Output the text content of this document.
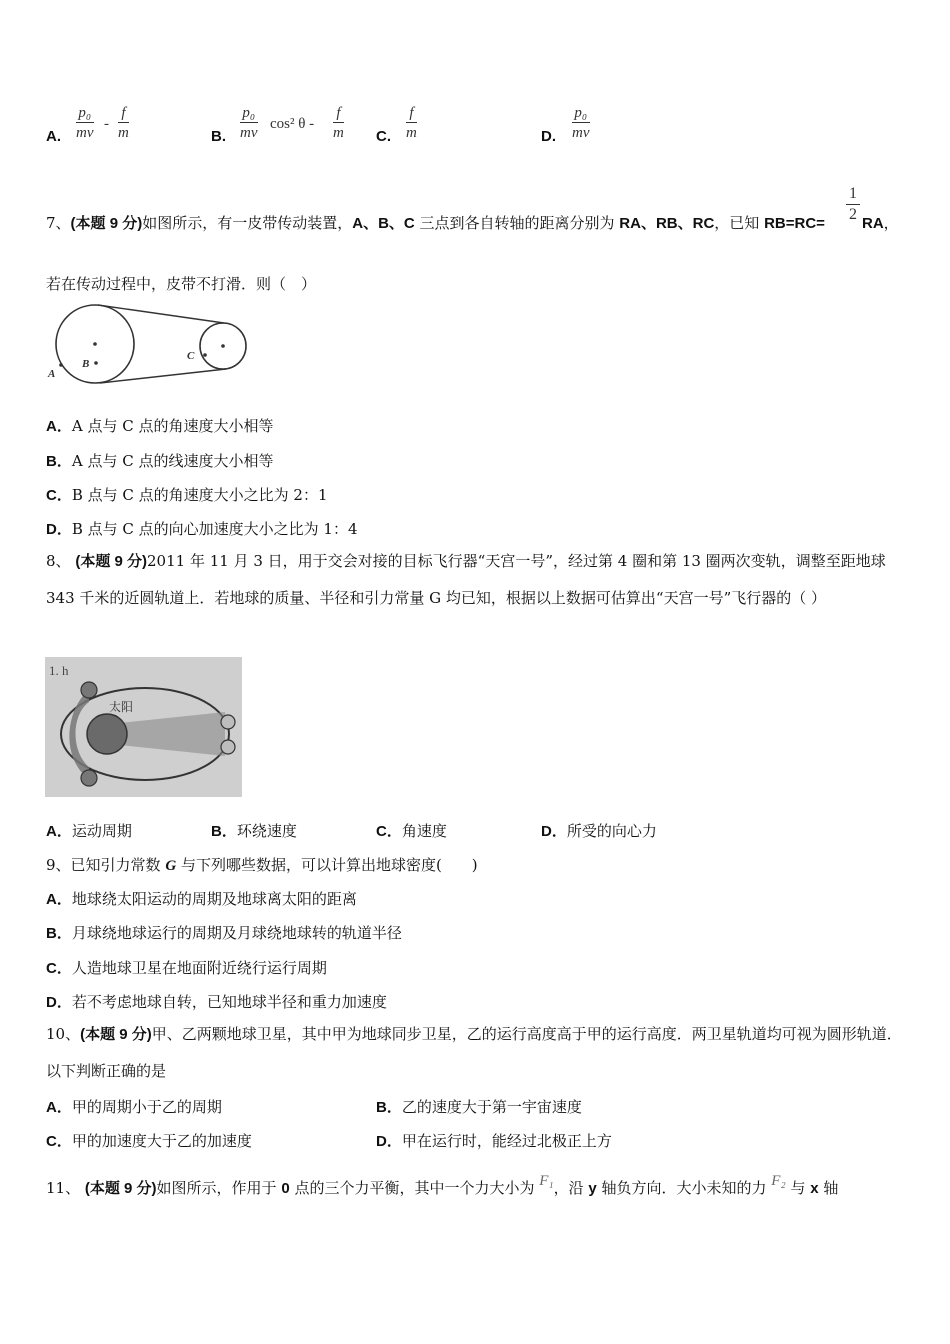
A. $\frac{\text{p₀}}{mv} - \frac{f}{m}$	B. $\frac{\text{p₀}}{mv} \cos^2$ θ - $\frac{f}{m} C$. $\frac{f}{m}$	D. $\frac{\text{p₀}}{mv}$
7、(本题 9 分)如图所示，有一皮带传动装置，A、B、C 三点到各自转轴的距离分别为 RA、RB、RC，已知 $RB=RC= \frac{1}{2}$ RA，
若在传动过程中，皮带不打滑．则（　）
A
B
C
A．A 点与 C 点的角速度大小相等
B．A 点与 C 点的线速度大小相等
C．B 点与 C 点的角速度大小之比为 2：1
D．B 点与 C 点的向心加速度大小之比为 1：4
8、 (本题 9 分)2011 年 11 月 3 日，用于交会对接的目标飞行器“天宫一号”，经过第 4 圈和第 13 圈两次变轨，调整至距地球 343 千米的近圆轨道上．若地球的质量、半径和引力常量 G 均已知，根据以上数据可估算出“天宫一号”飞行器的（ ）
1. h
太阳
A．运动周期	B．环绕速度	C．角速度	D．所受的向心力
9、已知引力常数 G 与下列哪些数据，可以计算出地球密度(　　)
A．地球绕太阳运动的周期及地球离太阳的距离
B．月球绕地球运行的周期及月球绕地球转的轨道半径
C．人造地球卫星在地面附近绕行运行周期
D．若不考虑地球自转，已知地球半径和重力加速度
10、(本题 9 分)甲、乙两颗地球卫星，其中甲为地球同步卫星，乙的运行高度高于甲的运行高度．两卫星轨道均可视为圆形轨道．以下判断正确的是
A．甲的周期小于乙的周期	B．乙的速度大于第一宇宙速度
C．甲的加速度大于乙的加速度	D．甲在运行时，能经过北极正上方
11、 (本题 9 分)如图所示，作用于 0 点的三个力平衡，其中一个力大小为 F₁，沿 y 轴负方向．大小未知的力 F₂ 与 x 轴
